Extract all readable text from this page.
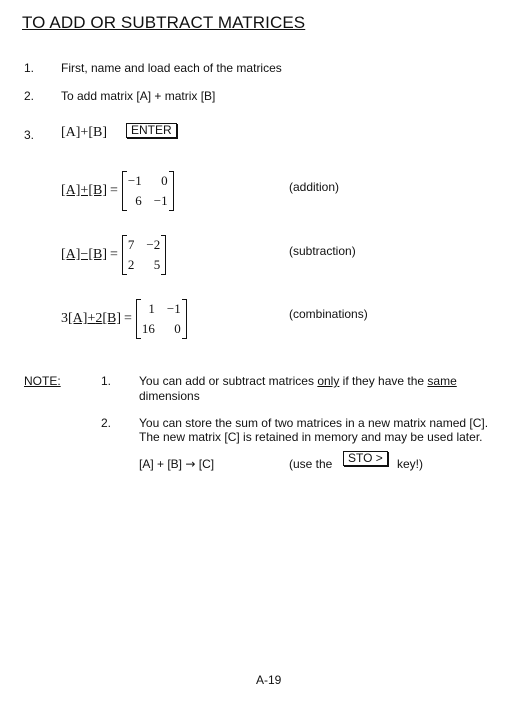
TO ADD OR SUBTRACT MATRICES
1. First, name and load each of the matrices
2. To add matrix [A] + matrix [B]
3. [A]+[B]	ENTER
[A]+[B] =
−1	0
6 −1
(addition)
[A]−[B] =
7 −2
2	5
(subtraction)
3 [A] + 2 [B] =
1 −1
16	0
(combinations)
NOTE:	1. You can add or subtract matrices only if they have the same
dimensions
2. You can store the sum of two matrices in a new matrix named [C].
The new matrix [C] is retained in memory and may be used later.
[A] + [B] → [C]	(use the	STO >	key!)
A-19
